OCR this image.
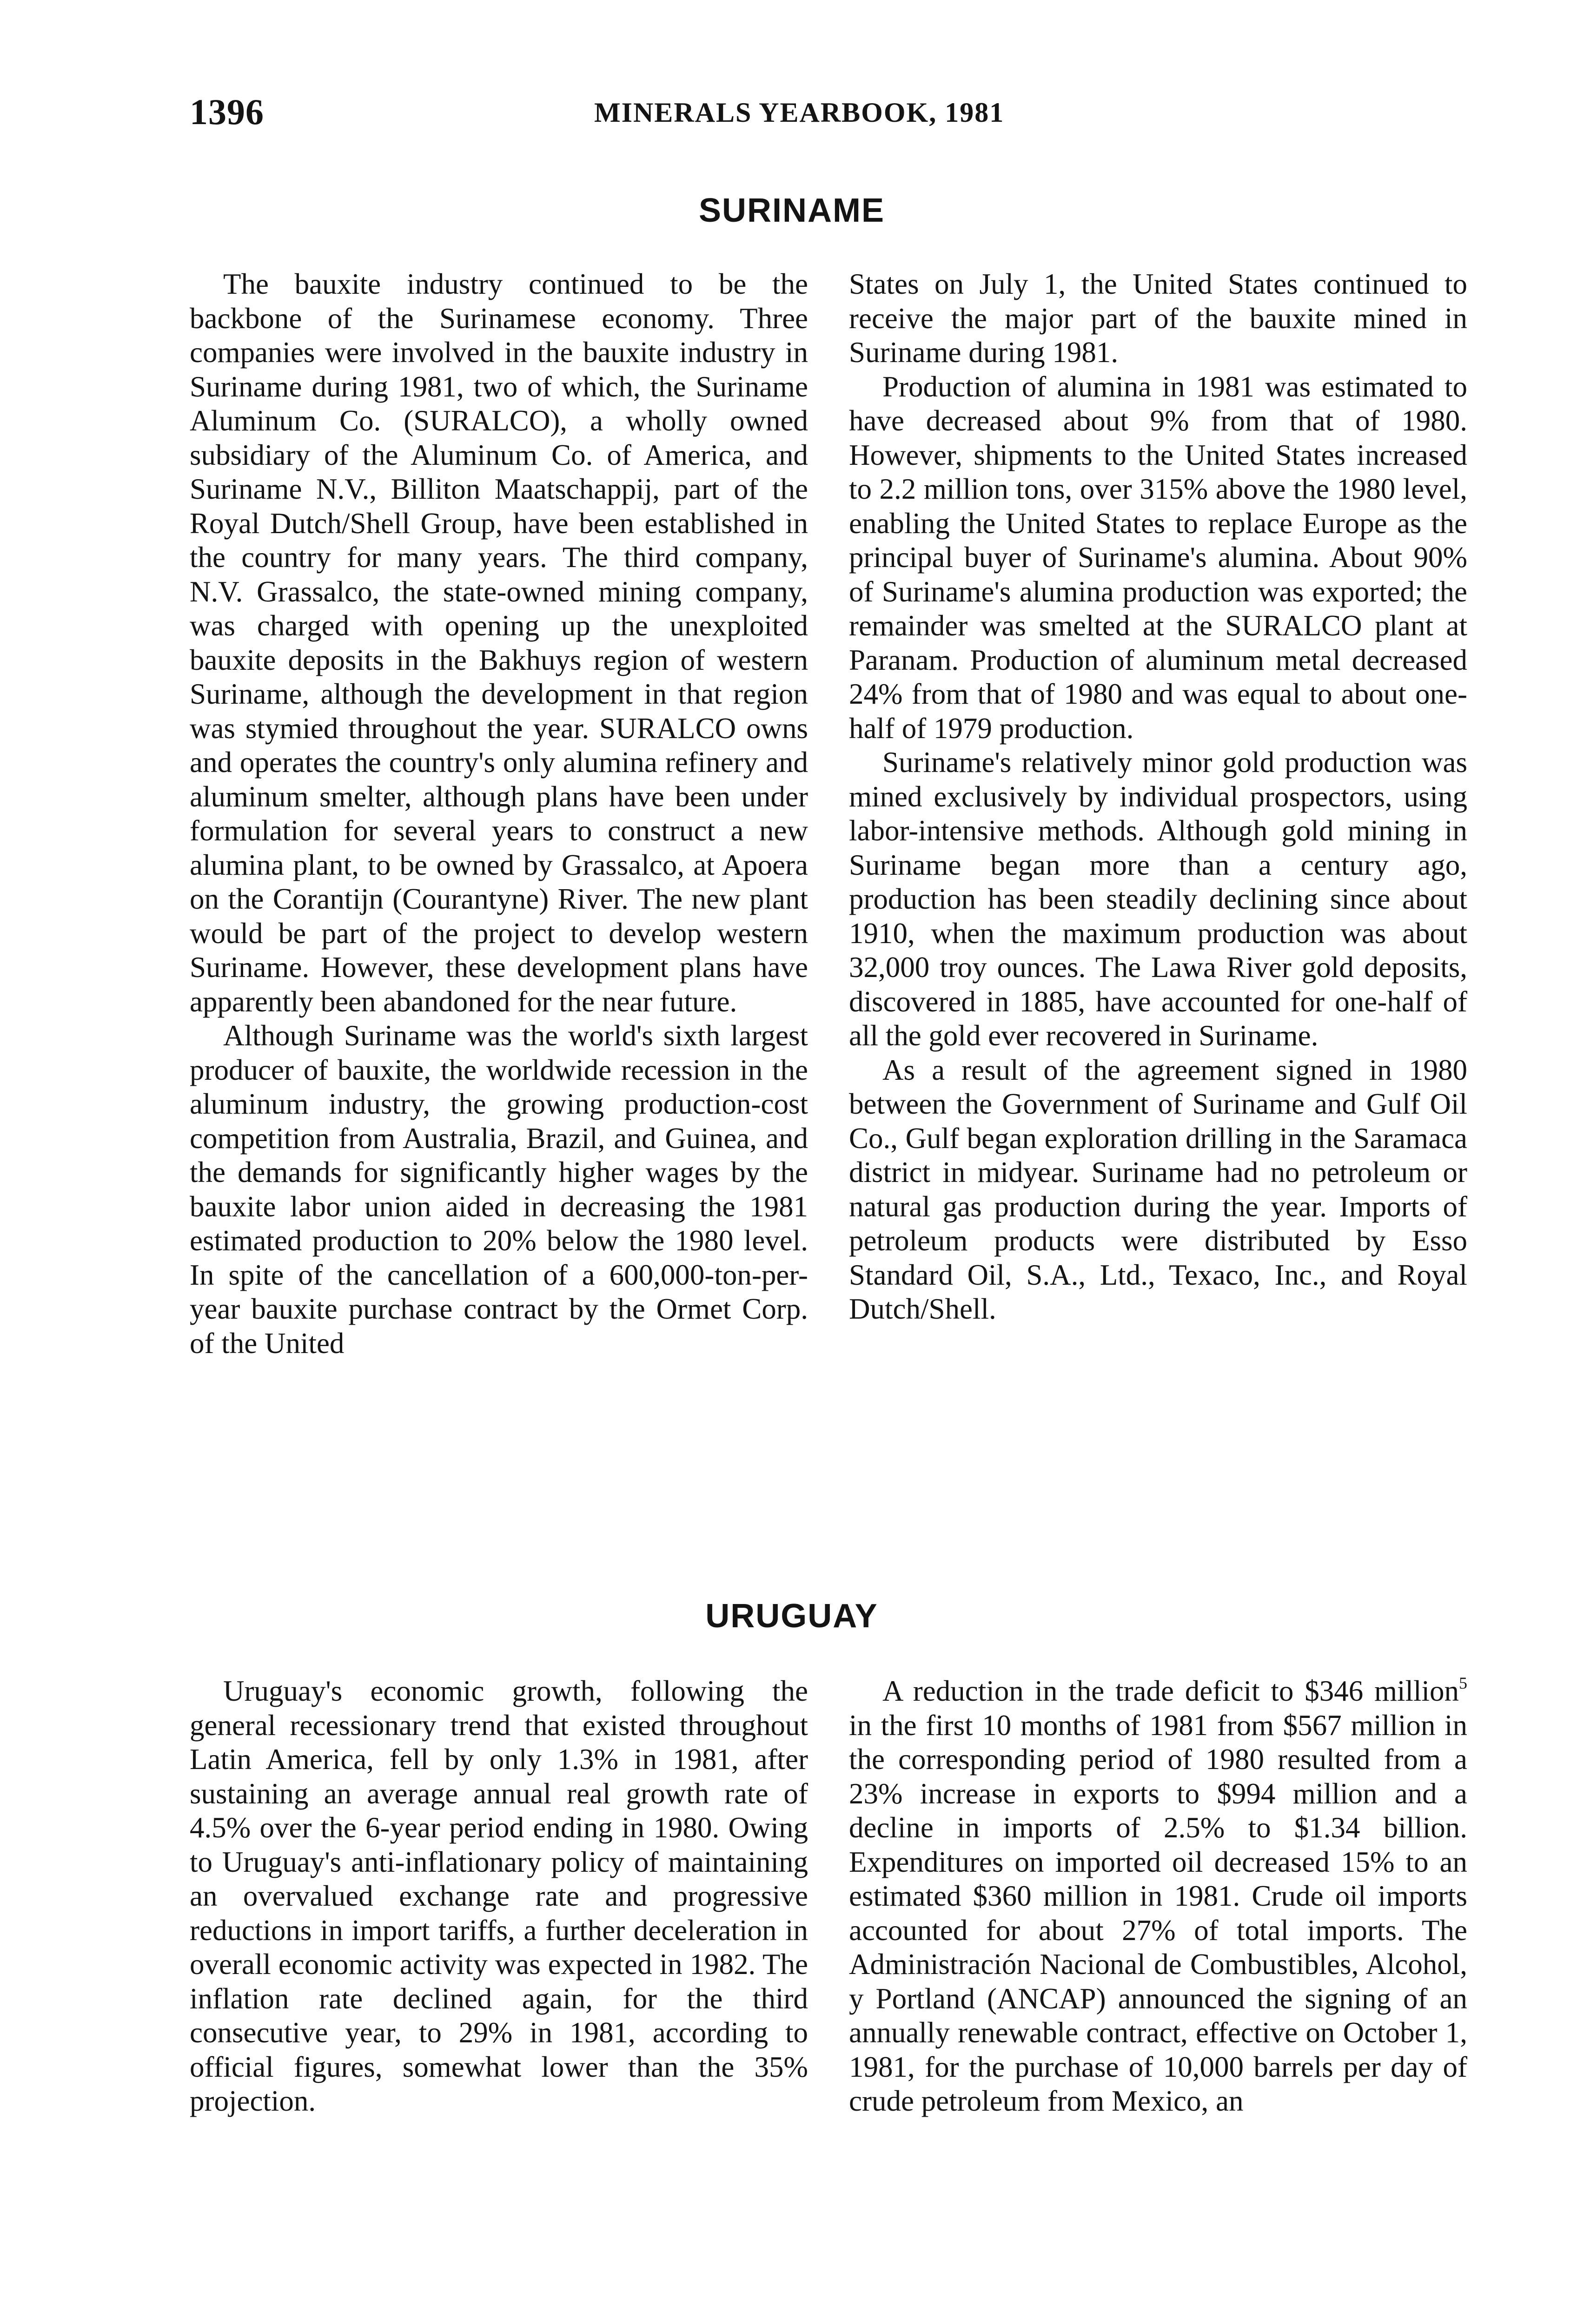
1396	MINERALS YEARBOOK, 1981
SURINAME

The bauxite industry continued to be the backbone of the Surinamese economy. Three companies were involved in the bauxite industry in Suriname during 1981, two of which, the Suriname Aluminum Co. (SURALCO), a wholly owned subsidiary of the Aluminum Co. of America, and Suriname N.V., Billiton Maatschappij, part of the Royal Dutch/Shell Group, have been established in the country for many years. The third company, N.V. Grassalco, the state-owned mining company, was charged with opening up the unexploited bauxite deposits in the Bakhuys region of western Suriname, although the development in that region was stymied throughout the year. SURALCO owns and operates the country's only alumina refinery and aluminum smelter, although plans have been under formulation for several years to construct a new alumina plant, to be owned by Grassalco, at Apoera on the Corantijn (Courantyne) River. The new plant would be part of the project to develop western Suriname. However, these development plans have apparently been abandoned for the near future.

Although Suriname was the world's sixth largest producer of bauxite, the worldwide recession in the aluminum industry, the growing production-cost competition from Australia, Brazil, and Guinea, and the demands for significantly higher wages by the bauxite labor union aided in decreasing the 1981 estimated production to 20% below the 1980 level. In spite of the cancellation of a 600,000-ton-per-year bauxite purchase contract by the Ormet Corp. of the United

States on July 1, the United States continued to receive the major part of the bauxite mined in Suriname during 1981.

Production of alumina in 1981 was estimated to have decreased about 9% from that of 1980. However, shipments to the United States increased to 2.2 million tons, over 315% above the 1980 level, enabling the United States to replace Europe as the principal buyer of Suriname's alumina. About 90% of Suriname's alumina production was exported; the remainder was smelted at the SURALCO plant at Paranam. Production of aluminum metal decreased 24% from that of 1980 and was equal to about one-half of 1979 production.

Suriname's relatively minor gold production was mined exclusively by individual prospectors, using labor-intensive methods. Although gold mining in Suriname began more than a century ago, production has been steadily declining since about 1910, when the maximum production was about 32,000 troy ounces. The Lawa River gold deposits, discovered in 1885, have accounted for one-half of all the gold ever recovered in Suriname.

As a result of the agreement signed in 1980 between the Government of Suriname and Gulf Oil Co., Gulf began exploration drilling in the Saramaca district in midyear. Suriname had no petroleum or natural gas production during the year. Imports of petroleum products were distributed by Esso Standard Oil, S.A., Ltd., Texaco, Inc., and Royal Dutch/Shell.

URUGUAY

Uruguay's economic growth, following the general recessionary trend that existed throughout Latin America, fell by only 1.3% in 1981, after sustaining an average annual real growth rate of 4.5% over the 6-year period ending in 1980. Owing to Uruguay's anti-inflationary policy of maintaining an overvalued exchange rate and progressive reductions in import tariffs, a further deceleration in overall economic activity was expected in 1982. The inflation rate declined again, for the third consecutive year, to 29% in 1981, according to official figures, somewhat lower than the 35% projection.

A reduction in the trade deficit to $346 million$^5$ in the first 10 months of 1981 from $567 million in the corresponding period of 1980 resulted from a 23% increase in exports to $994 million and a decline in imports of 2.5% to $1.34 billion. Expenditures on imported oil decreased 15% to an estimated $360 million in 1981. Crude oil imports accounted for about 27% of total imports. The Administración Nacional de Combustibles, Alcohol, y Portland (ANCAP) announced the signing of an annually renewable contract, effective on October 1, 1981, for the purchase of 10,000 barrels per day of crude petroleum from Mexico, an
